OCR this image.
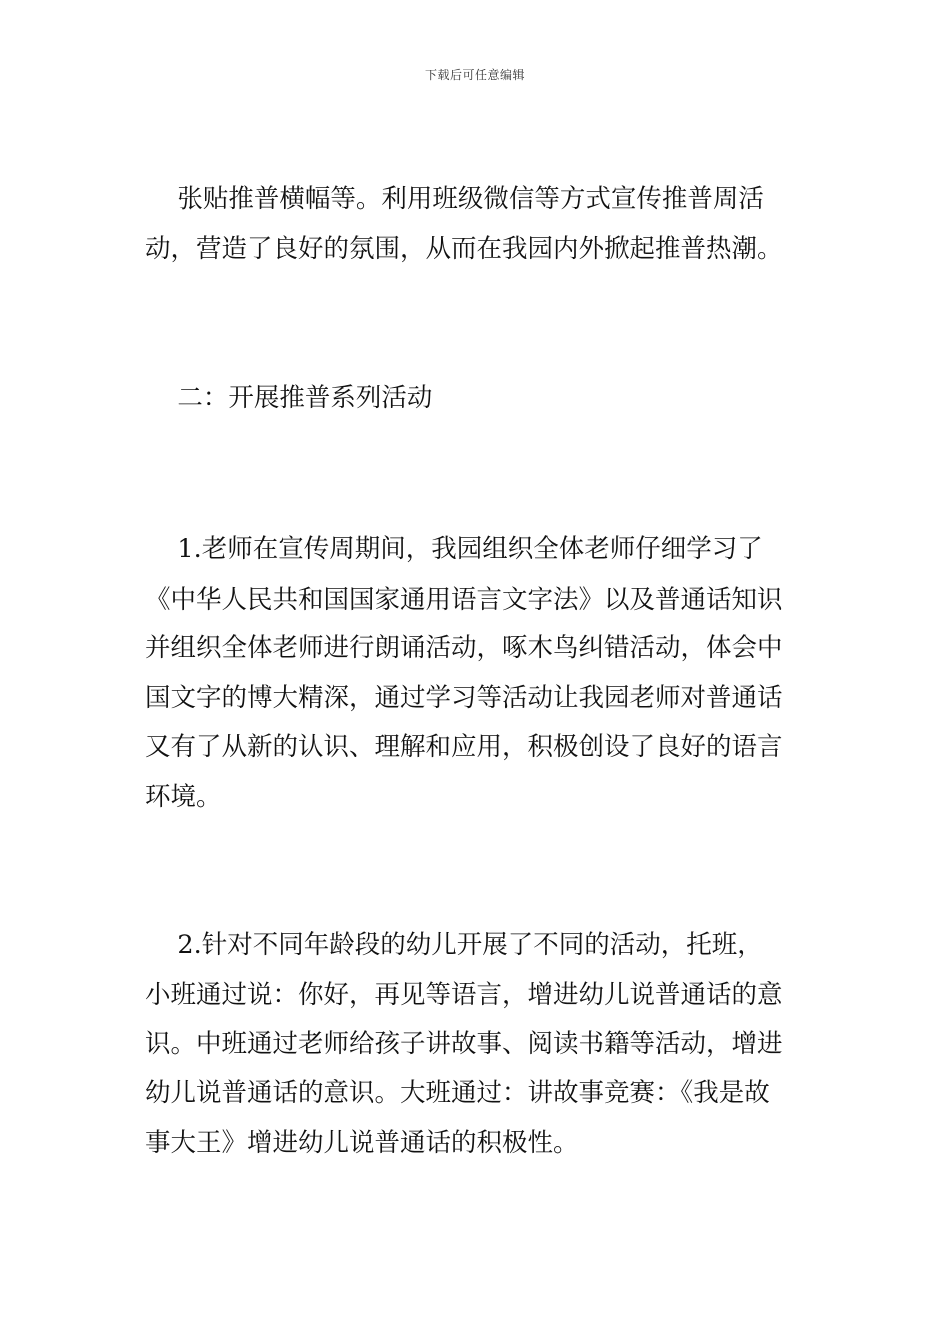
下载后可任意编辑
张贴推普横幅等。利用班级微信等方式宣传推普周活
动，营造了良好的氛围，从而在我园内外掀起推普热潮。
二：开展推普系列活动
1.老师在宣传周期间，我园组织全体老师仔细学习了
《中华人民共和国国家通用语言文字法》以及普通话知识
并组织全体老师进行朗诵活动，啄木鸟纠错活动，体会中
国文字的博大精深，通过学习等活动让我园老师对普通话
又有了从新的认识、理解和应用，积极创设了良好的语言
环境。
2.针对不同年龄段的幼儿开展了不同的活动，托班，
小班通过说：你好，再见等语言，增进幼儿说普通话的意
识。中班通过老师给孩子讲故事、阅读书籍等活动，增进
幼儿说普通话的意识。大班通过：讲故事竞赛：《我是故
事大王》增进幼儿说普通话的积极性。
